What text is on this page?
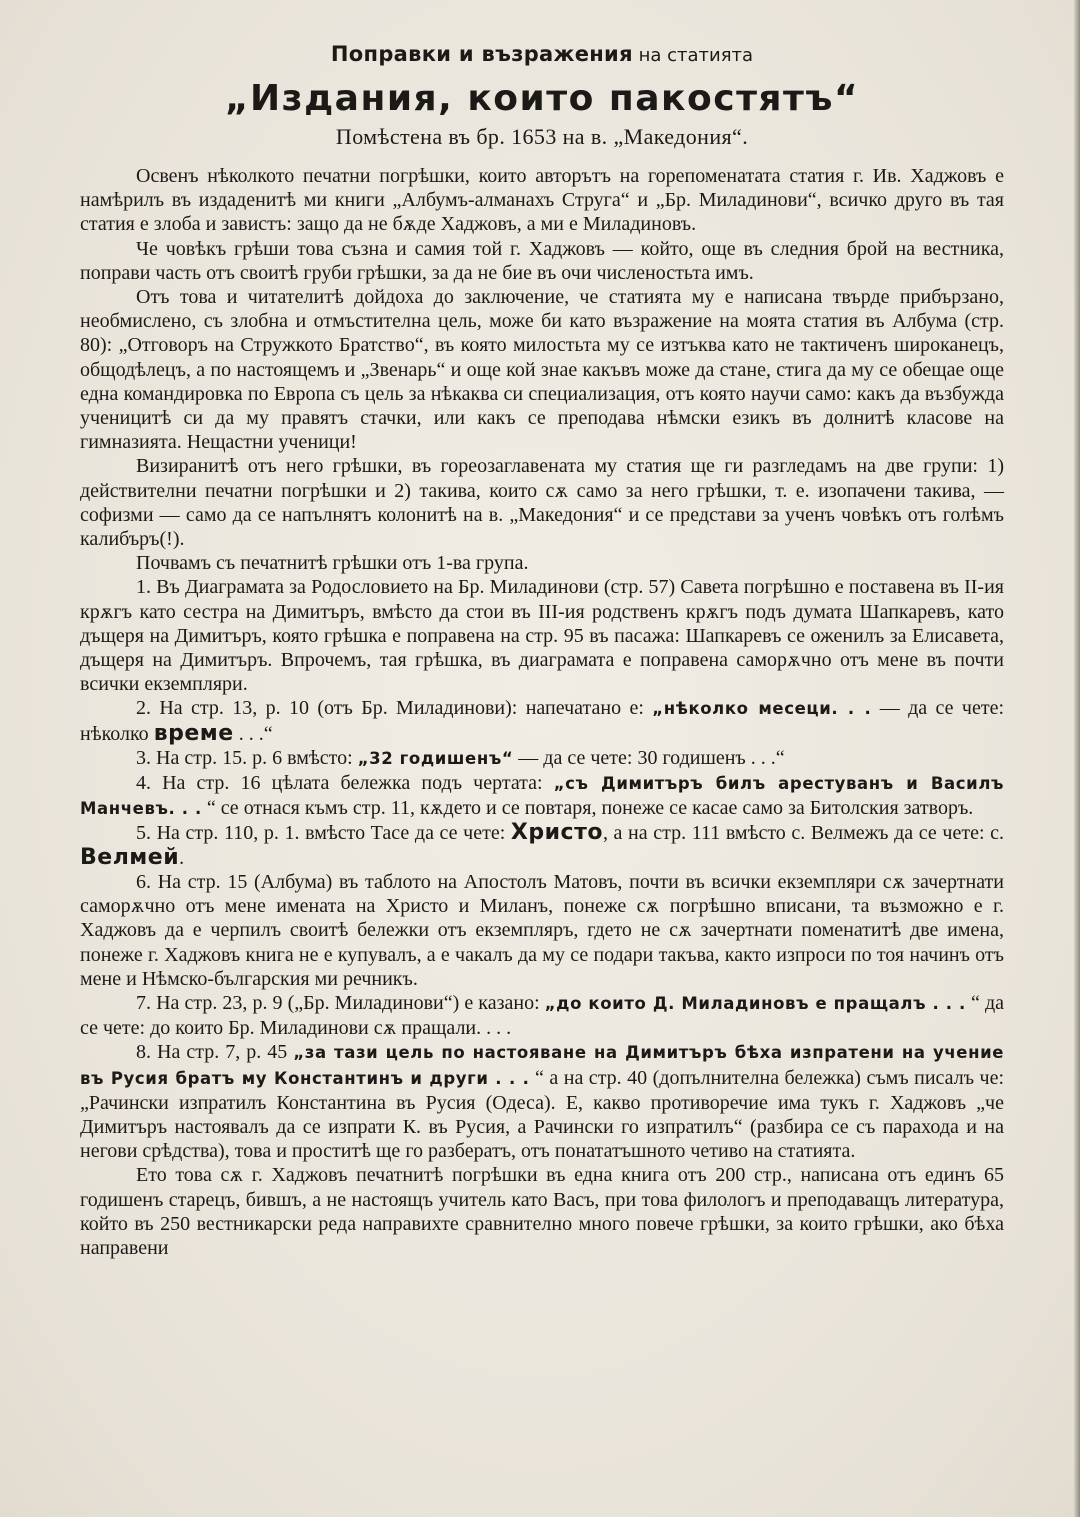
Поправки и възражения на статията
„Издания, които пакостятъ“
Помѣстена въ бр. 1653 на в. „Македония“.

Освенъ нѣколкото печатни погрѣшки, които авторътъ на горепоменатата статия г. Ив. Хаджовъ е намѣрилъ въ издаденитѣ ми книги „Албумъ-алманахъ Струга“ и „Бр. Миладинови“, всичко друго въ тая статия е злоба и завистъ: защо да не бѫде Хаджовъ, а ми е Миладиновъ.

Че човѣкъ грѣши това съзна и самия той г. Хаджовъ — който, още въ следния брой на вестника, поправи часть отъ своитѣ груби грѣшки, за да не бие въ очи численостьта имъ.

Отъ това и читателитѣ дойдоха до заключение, че статията му е написана твърде прибързано, необмислено, съ злобна и отмъстителна цель, може би като възражение на моята статия въ Албума (стр. 80): „Отговоръ на Стружкото Братство“, въ която милостьта му се изтъква като не тактиченъ широканецъ, общодѣлецъ, а по настоящемъ и „Звенарь“ и още кой знае какъвъ може да стане, стига да му се обещае още една командировка по Европа съ цель за нѣкаква си специализация, отъ която научи само: какъ да възбужда ученицитѣ си да му правятъ стачки, или какъ се преподава нѣмски езикъ въ долнитѣ класове на гимназията. Нещастни ученици!

Визиранитѣ отъ него грѣшки, въ гореозаглавената му статия ще ги разгледамъ на две групи: 1) действителни печатни погрѣшки и 2) такива, които сѫ само за него грѣшки, т. е. изопачени такива, — софизми — само да се напълнятъ колонитѣ на в. „Македония“ и се представи за ученъ човѣкъ отъ голѣмъ калибъръ(!).

Почвамъ съ печатнитѣ грѣшки отъ 1-ва група.

1. Въ Диаграмата за Родословието на Бр. Миладинови (стр. 57) Савета погрѣшно е поставена въ II-ия крѫгъ като сестра на Димитъръ, вмѣсто да стои въ III-ия родственъ крѫгъ подъ думата Шапкаревъ, като дъщеря на Димитъръ, която грѣшка е поправена на стр. 95 въ пасажа: Шапкаревъ се оженилъ за Елисавета, дъщеря на Димитъръ. Впрочемъ, тая грѣшка, въ диаграмата е поправена саморѫчно отъ мене въ почти всички екземпляри.

2. На стр. 13, р. 10 (отъ Бр. Миладинови): напечатано е: „нѣколко месеци. . . — да се чете: нѣколко време . . .“

3. На стр. 15. р. 6 вмѣсто: „32 годишенъ“ — да се чете: 30 годишенъ . . .“

4. На стр. 16 цѣлата бележка подъ чертата: „съ Димитъръ билъ арестуванъ и Василъ Манчевъ. . . “ се отнася къмъ стр. 11, кѫдето и се повтаря, понеже се касае само за Битолския затворъ.

5. На стр. 110, р. 1. вмѣсто Тасе да се чете: Христо, а на стр. 111 вмѣсто с. Велмежъ да се чете: с. Велмей.

6. На стр. 15 (Албума) въ таблото на Апостолъ Матовъ, почти въ всички екземпляри сѫ зачертнати саморѫчно отъ мене имената на Христо и Миланъ, понеже сѫ погрѣшно вписани, та възможно е г. Хаджовъ да е черпилъ своитѣ бележки отъ екземпляръ, гдето не сѫ зачертнати поменатитѣ две имена, понеже г. Хаджовъ книга не е купувалъ, а е чакалъ да му се подари такъва, както изпроси по тоя начинъ отъ мене и Нѣмско-българския ми речникъ.

7. На стр. 23, р. 9 („Бр. Миладинови“) е казано: „до които Д. Миладиновъ е пращалъ . . . “ да се чете: до които Бр. Миладинови сѫ пращали. . . .

8. На стр. 7, р. 45 „за тази цель по настояване на Димитъръ бѣха изпратени на учение въ Русия братъ му Константинъ и други . . . “ а на стр. 40 (допълнителна бележка) съмъ писалъ че: „Рачински изпратилъ Константина въ Русия (Одеса). Е, какво противоречие има тукъ г. Хаджовъ „че Димитъръ настоявалъ да се изпрати К. въ Русия, а Рачински го изпратилъ“ (разбира се съ парахода и на негови срѣдства), това и проститѣ ще го разбератъ, отъ понататъшното четиво на статията.

Ето това сѫ г. Хаджовъ печатнитѣ погрѣшки въ една книга отъ 200 стр., написана отъ единъ 65 годишенъ старецъ, бившъ, а не настоящъ учитель като Васъ, при това филологъ и преподаващъ литература, който въ 250 вестникарски реда направихте сравнително много повече грѣшки, за които грѣшки, ако бѣха направени
